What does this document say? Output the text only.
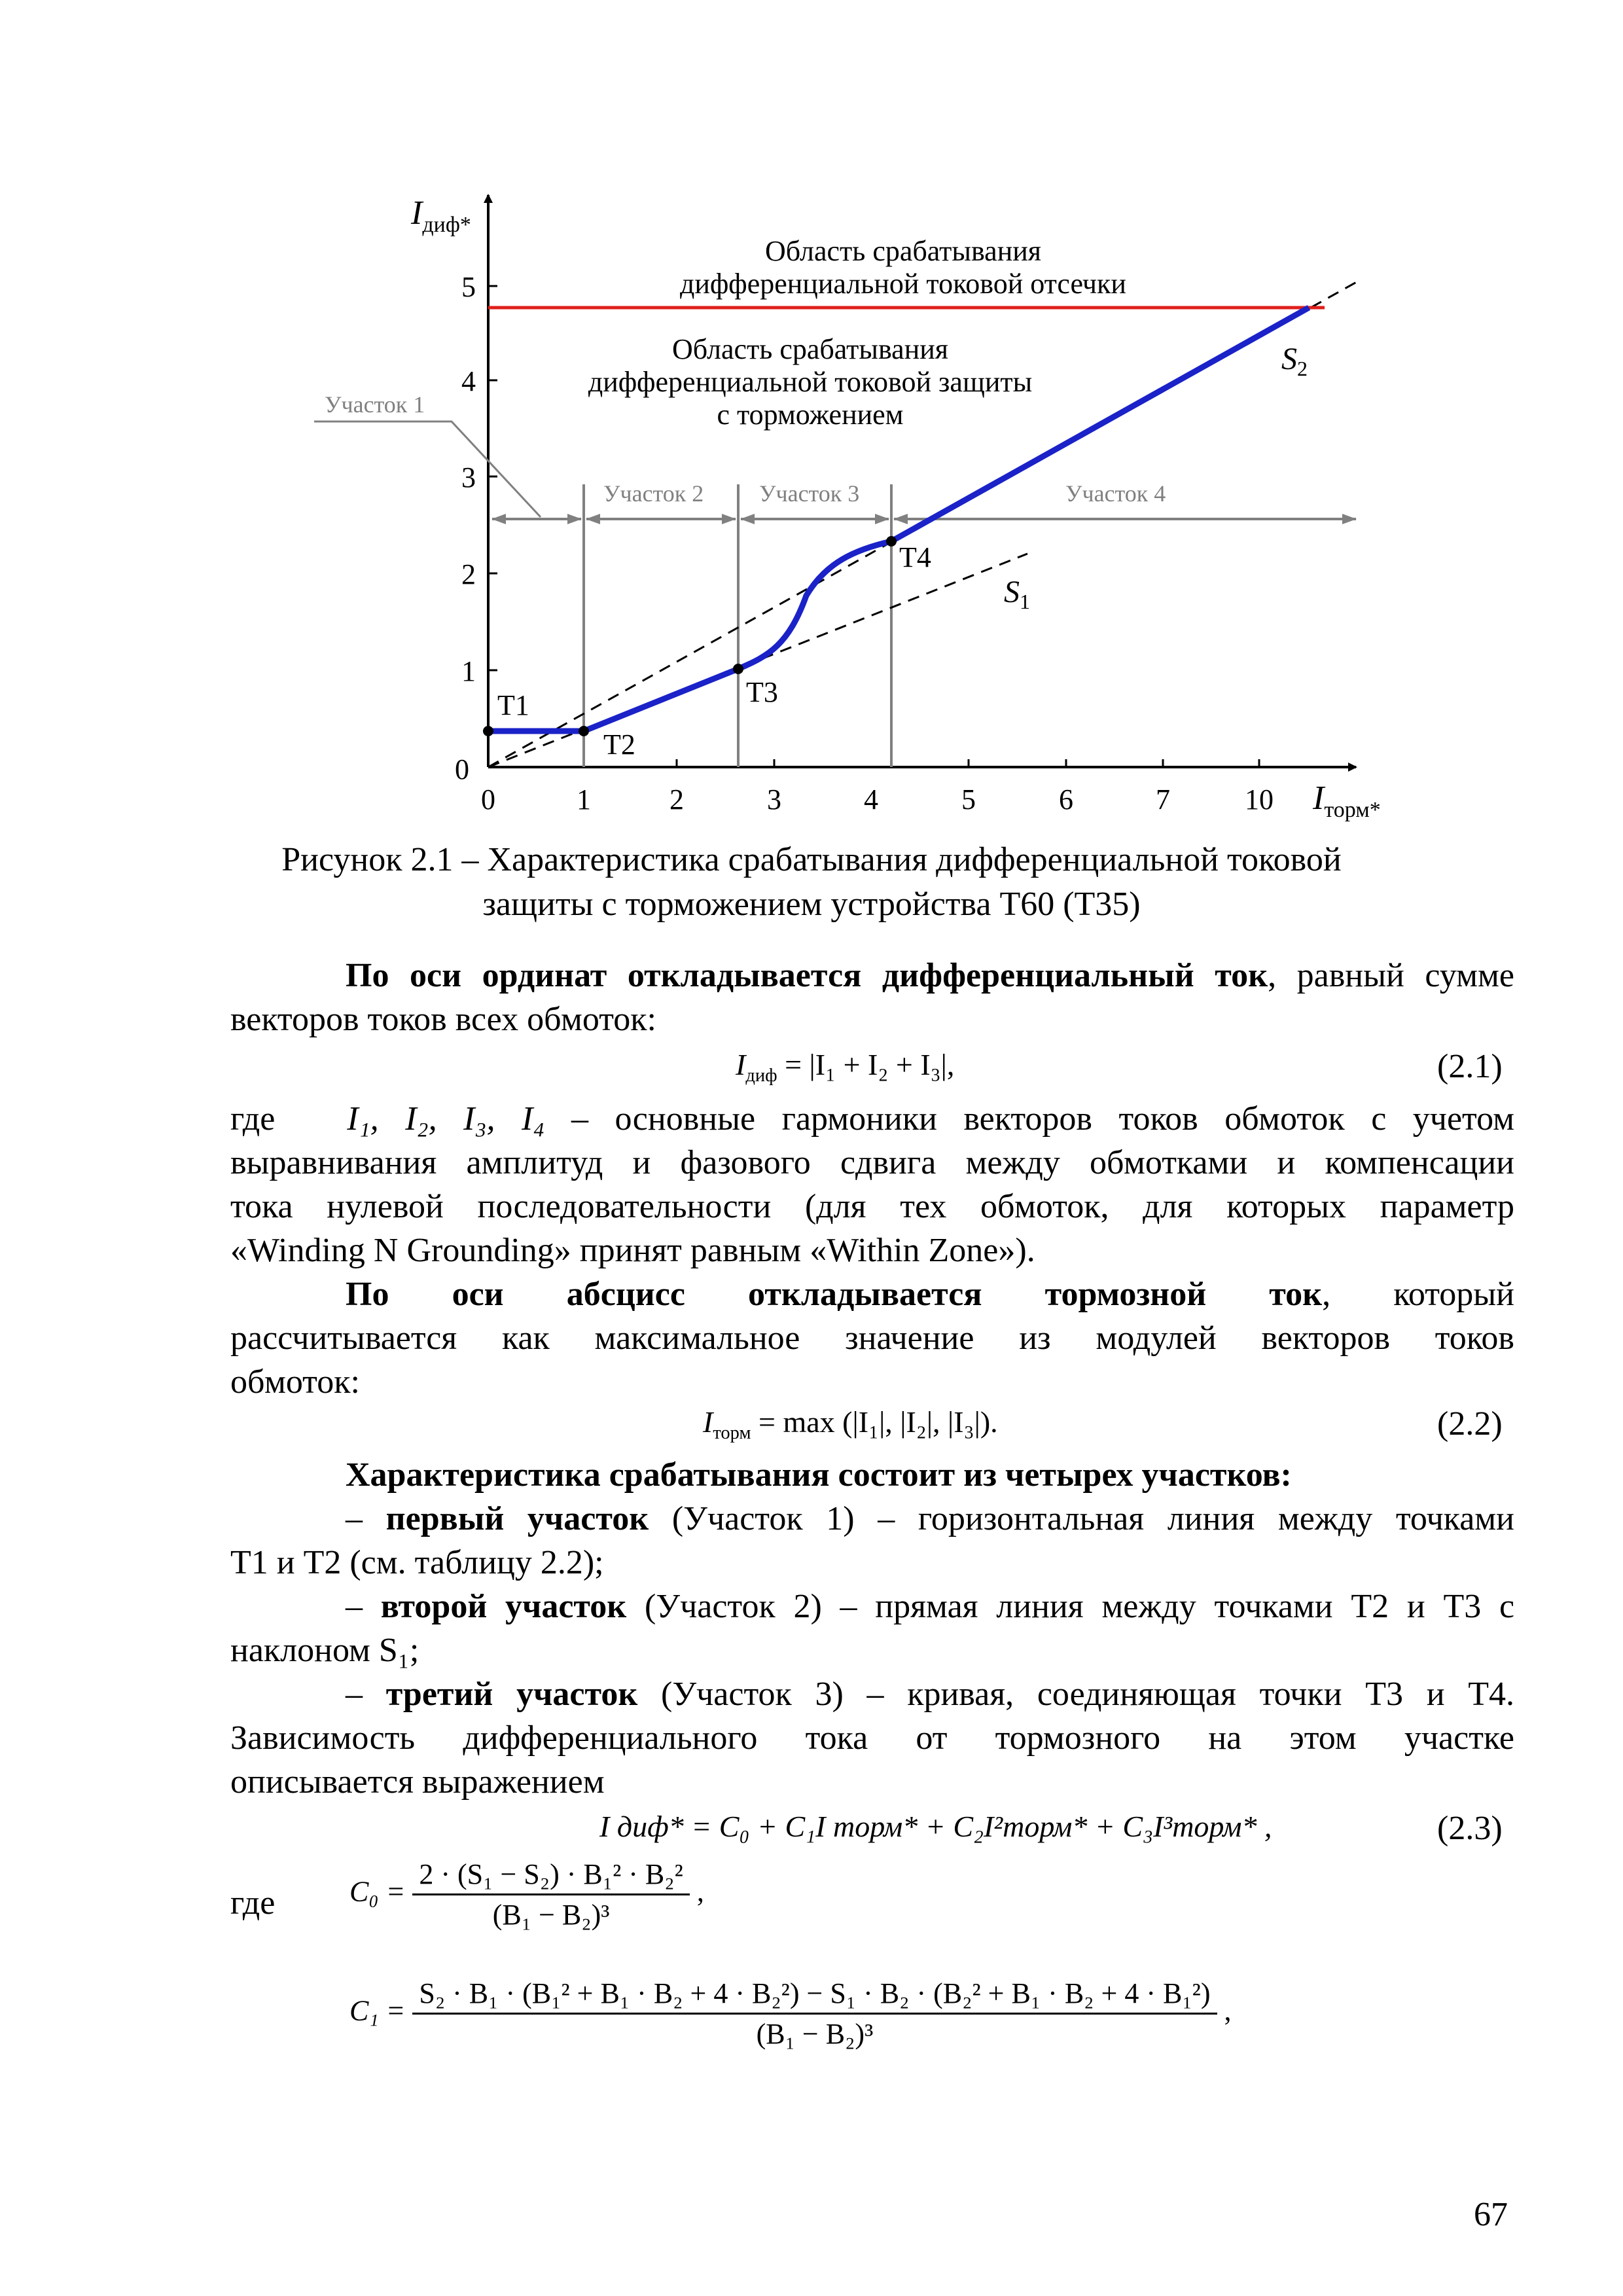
0
1
2
3
4
5
0	1	2	3	4	5	6	7	10
$I_{диф*}$
$I_{торм*}$
Участок 1
Участок 2 Участок 3	Участок 4
T1
T2
T3
T4
$S_1$
$S_2$
Область срабатывания
дифференциальной токовой отсечки
Область срабатывания
дифференциальной токовой защиты
с торможением
Рисунок 2.1 – Характеристика срабатывания дифференциальной токовой
защиты с торможением устройства T60 (T35)
По оси ординат откладывается дифференциальный ток, равный сумме векторов токов всех обмоток:
$I_{диф} = |I_1 + I_2 + I_3|$,	(2.1)
где I₁, I₂, I₃, I₄ – основные гармоники векторов токов обмоток с учетом
выравнивания амплитуд и фазового сдвига между обмотками и компенсации
тока нулевой последовательности (для тех обмоток, для которых параметр
«Winding N Grounding» принят равным «Within Zone»).
По оси абсцисс откладывается тормозной ток, который
рассчитывается как максимальное значение из модулей векторов токов
обмоток:
$I_{торм} = \max (|I_1|$, |I₂|, |I₃|).	(2.2)
Характеристика срабатывания состоит из четырех участков:
– первый участок (Участок 1) – горизонтальная линия между точками
T1 и T2 (см. таблицу 2.2);
– второй участок (Участок 2) – прямая линия между точками T2 и T3 с
наклоном S₁;
– третий участок (Участок 3) – кривая, соединяющая точки T3 и T4.
Зависимость дифференциального тока от тормозного на этом участке
описывается выражением
I диф* = C₀ + C₁I торм* + C₂I²торм* + C₃I³торм* ,	(2.3)
где	$C_0 = \frac{\text{2 · (S₁ − S₂) · B₁² · B₂²}}{\text{(B₁ − B₂)³}}$ ,
C₁ =
S₂ · B₁ · (B₁² + B₁ · B₂ + 4 · B₂²) − S₁ · B₂ · (B₂² + B₁ · B₂ + 4 · B₁²)
(B₁ − B₂)³
,
67
